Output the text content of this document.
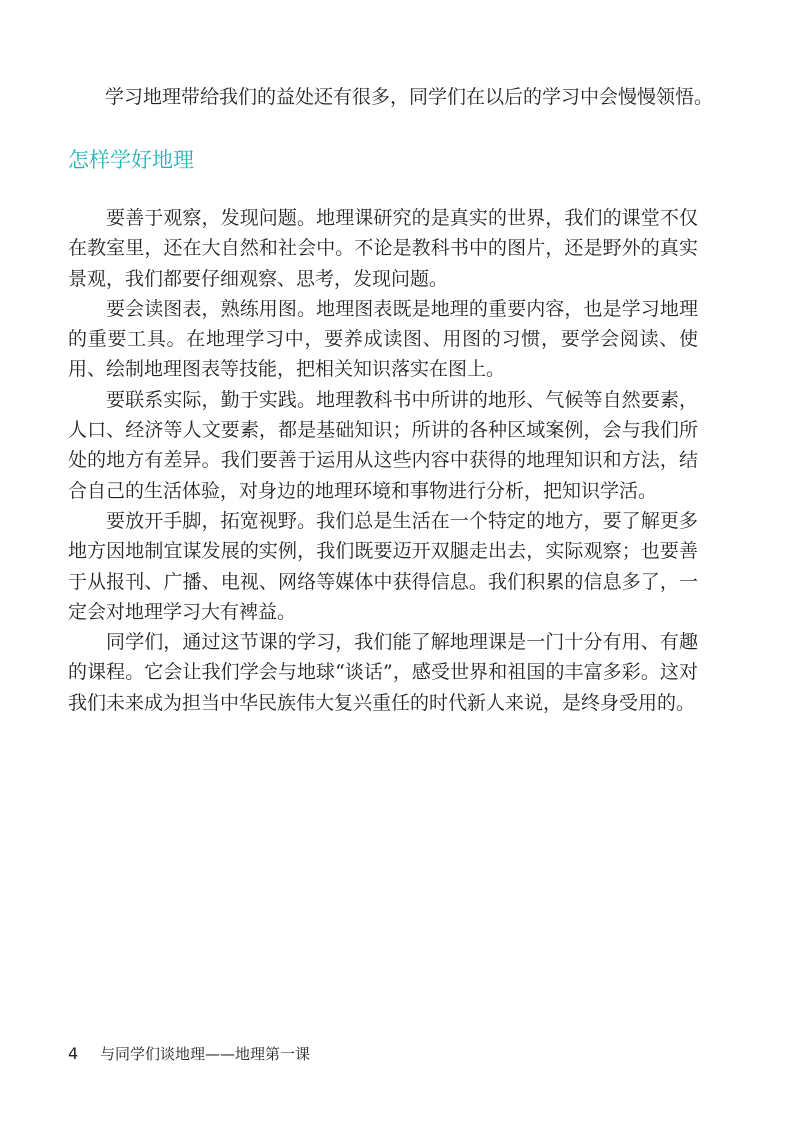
学习地理带给我们的益处还有很多，同学们在以后的学习中会慢慢领悟。

怎样学好地理

要善于观察，发现问题。地理课研究的是真实的世界，我们的课堂不仅在教室里，还在大自然和社会中。不论是教科书中的图片，还是野外的真实景观，我们都要仔细观察、思考，发现问题。

要会读图表，熟练用图。地理图表既是地理的重要内容，也是学习地理的重要工具。在地理学习中，要养成读图、用图的习惯，要学会阅读、使用、绘制地理图表等技能，把相关知识落实在图上。

要联系实际，勤于实践。地理教科书中所讲的地形、气候等自然要素，人口、经济等人文要素，都是基础知识；所讲的各种区域案例，会与我们所处的地方有差异。我们要善于运用从这些内容中获得的地理知识和方法，结合自己的生活体验，对身边的地理环境和事物进行分析，把知识学活。

要放开手脚，拓宽视野。我们总是生活在一个特定的地方，要了解更多地方因地制宜谋发展的实例，我们既要迈开双腿走出去，实际观察；也要善于从报刊、广播、电视、网络等媒体中获得信息。我们积累的信息多了，一定会对地理学习大有裨益。

同学们，通过这节课的学习，我们能了解地理课是一门十分有用、有趣的课程。它会让我们学会与地球“谈话”，感受世界和祖国的丰富多彩。这对我们未来成为担当中华民族伟大复兴重任的时代新人来说，是终身受用的。

4 与同学们谈地理——地理第一课
